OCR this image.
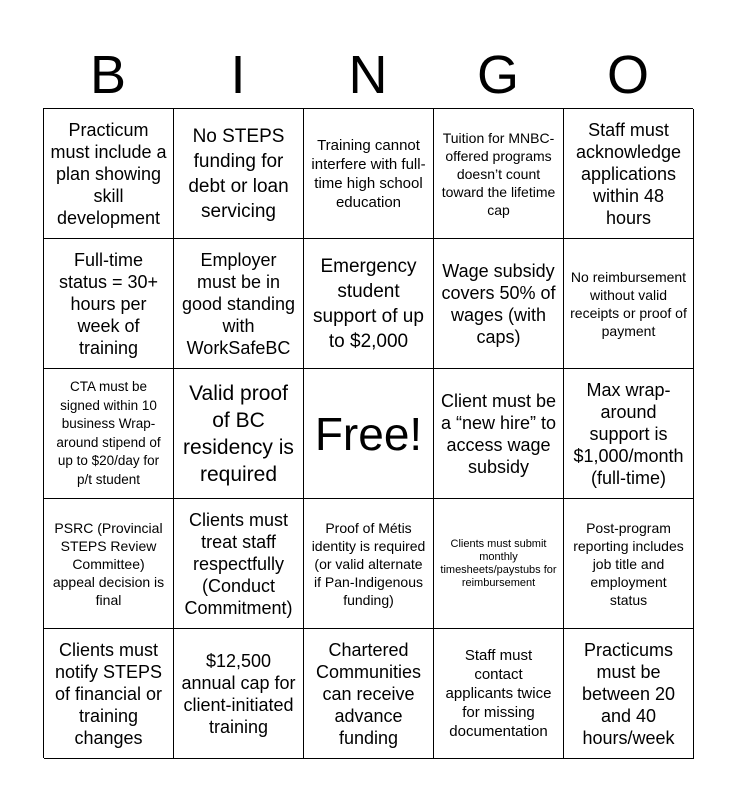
B	I	N	G	O
Practicum must include a plan showing skill development
No STEPS funding for debt or loan servicing
Training cannot interfere with full-time high school education
Tuition for MNBC-offered programs doesn’t count toward the lifetime cap
Staff must acknowledge applications within 48 hours
Full-time status = 30+ hours per week of training
Employer must be in good standing with WorkSafeBC
Emergency student support of up to $2,000
Wage subsidy covers 50% of wages (with caps)
No reimbursement without valid receipts or proof of payment
CTA must be signed within 10 business Wrap-around stipend of up to $20/day for p/t student
Valid proof of BC residency is required
Free!
Client must be a “new hire” to access wage subsidy
Max wrap-around support is $1,000/month (full-time)
PSRC (Provincial STEPS Review Committee) appeal decision is final
Clients must treat staff respectfully (Conduct Commitment)
Proof of Métis identity is required (or valid alternate if Pan-Indigenous funding)
Clients must submit monthly timesheets/paystubs for reimbursement
Post-program reporting includes job title and employment status
Clients must notify STEPS of financial or training changes
$12,500 annual cap for client-initiated training
Chartered Communities can receive advance funding
Staff must contact applicants twice for missing documentation
Practicums must be between 20 and 40 hours/week
